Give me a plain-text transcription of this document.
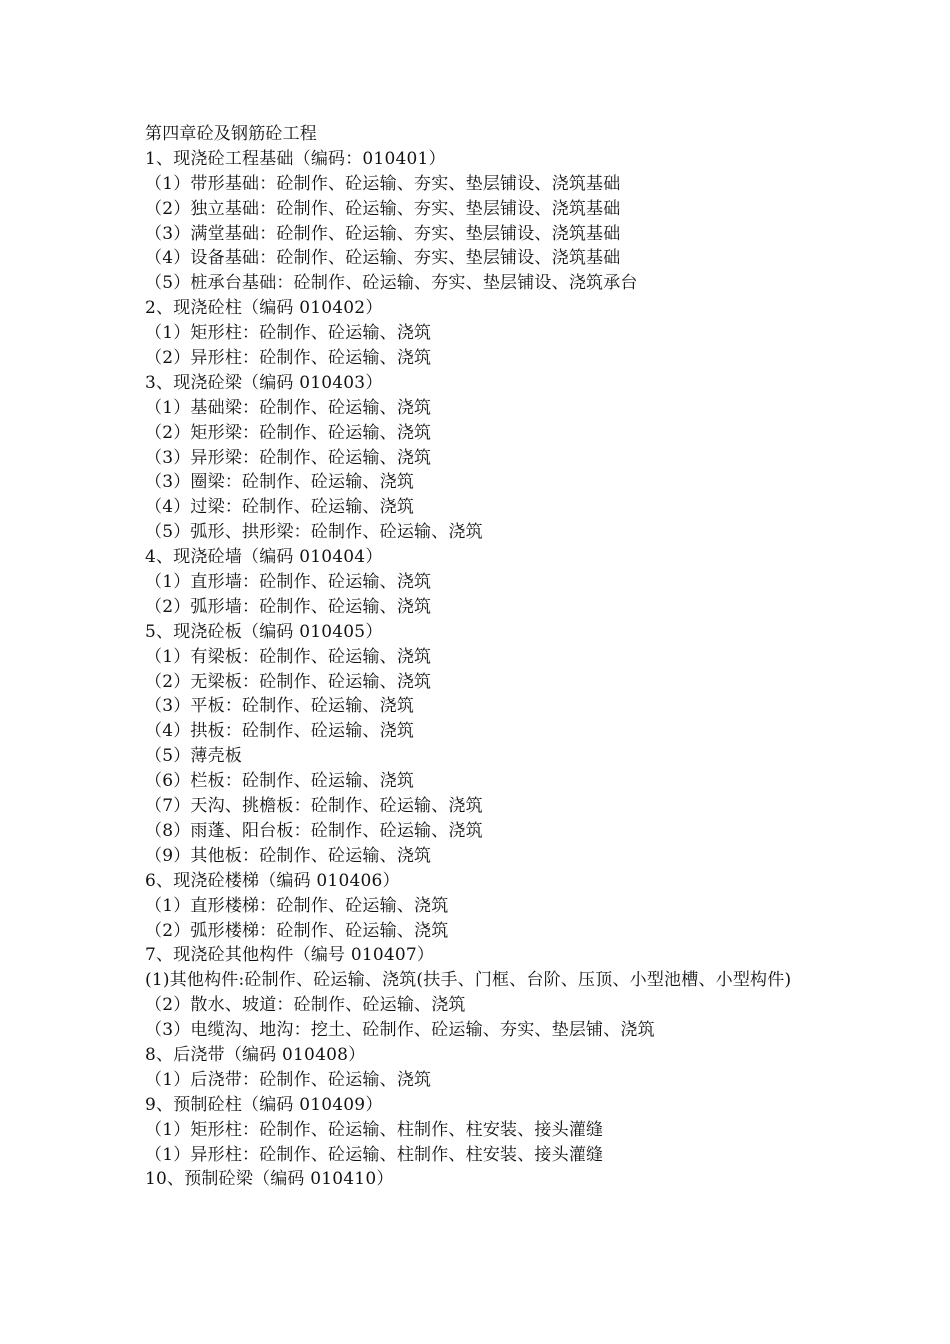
第四章砼及钢筋砼工程
1、现浇砼工程基础（编码：010401）
（1）带形基础：砼制作、砼运输、夯实、垫层铺设、浇筑基础
（2）独立基础：砼制作、砼运输、夯实、垫层铺设、浇筑基础
（3）满堂基础：砼制作、砼运输、夯实、垫层铺设、浇筑基础
（4）设备基础：砼制作、砼运输、夯实、垫层铺设、浇筑基础
（5）桩承台基础：砼制作、砼运输、夯实、垫层铺设、浇筑承台
2、现浇砼柱（编码 010402）
（1）矩形柱：砼制作、砼运输、浇筑
（2）异形柱：砼制作、砼运输、浇筑
3、现浇砼梁（编码 010403）
（1）基础梁：砼制作、砼运输、浇筑
（2）矩形梁：砼制作、砼运输、浇筑
（3）异形梁：砼制作、砼运输、浇筑
（3）圈梁：砼制作、砼运输、浇筑
（4）过梁：砼制作、砼运输、浇筑
（5）弧形、拱形梁：砼制作、砼运输、浇筑
4、现浇砼墙（编码 010404）
（1）直形墙：砼制作、砼运输、浇筑
（2）弧形墙：砼制作、砼运输、浇筑
5、现浇砼板（编码 010405）
（1）有梁板：砼制作、砼运输、浇筑
（2）无梁板：砼制作、砼运输、浇筑
（3）平板：砼制作、砼运输、浇筑
（4）拱板：砼制作、砼运输、浇筑
（5）薄壳板
（6）栏板：砼制作、砼运输、浇筑
（7）天沟、挑檐板：砼制作、砼运输、浇筑
（8）雨蓬、阳台板：砼制作、砼运输、浇筑
（9）其他板：砼制作、砼运输、浇筑
6、现浇砼楼梯（编码 010406）
（1）直形楼梯：砼制作、砼运输、浇筑
（2）弧形楼梯：砼制作、砼运输、浇筑
7、现浇砼其他构件（编号 010407）
(1)其他构件:砼制作、砼运输、浇筑(扶手、门框、台阶、压顶、小型池槽、小型构件)
（2）散水、坡道：砼制作、砼运输、浇筑
（3）电缆沟、地沟：挖土、砼制作、砼运输、夯实、垫层铺、浇筑
8、后浇带（编码 010408）
（1）后浇带：砼制作、砼运输、浇筑
9、预制砼柱（编码 010409）
（1）矩形柱：砼制作、砼运输、柱制作、柱安装、接头灌缝
（1）异形柱：砼制作、砼运输、柱制作、柱安装、接头灌缝
10、预制砼梁（编码 010410）
